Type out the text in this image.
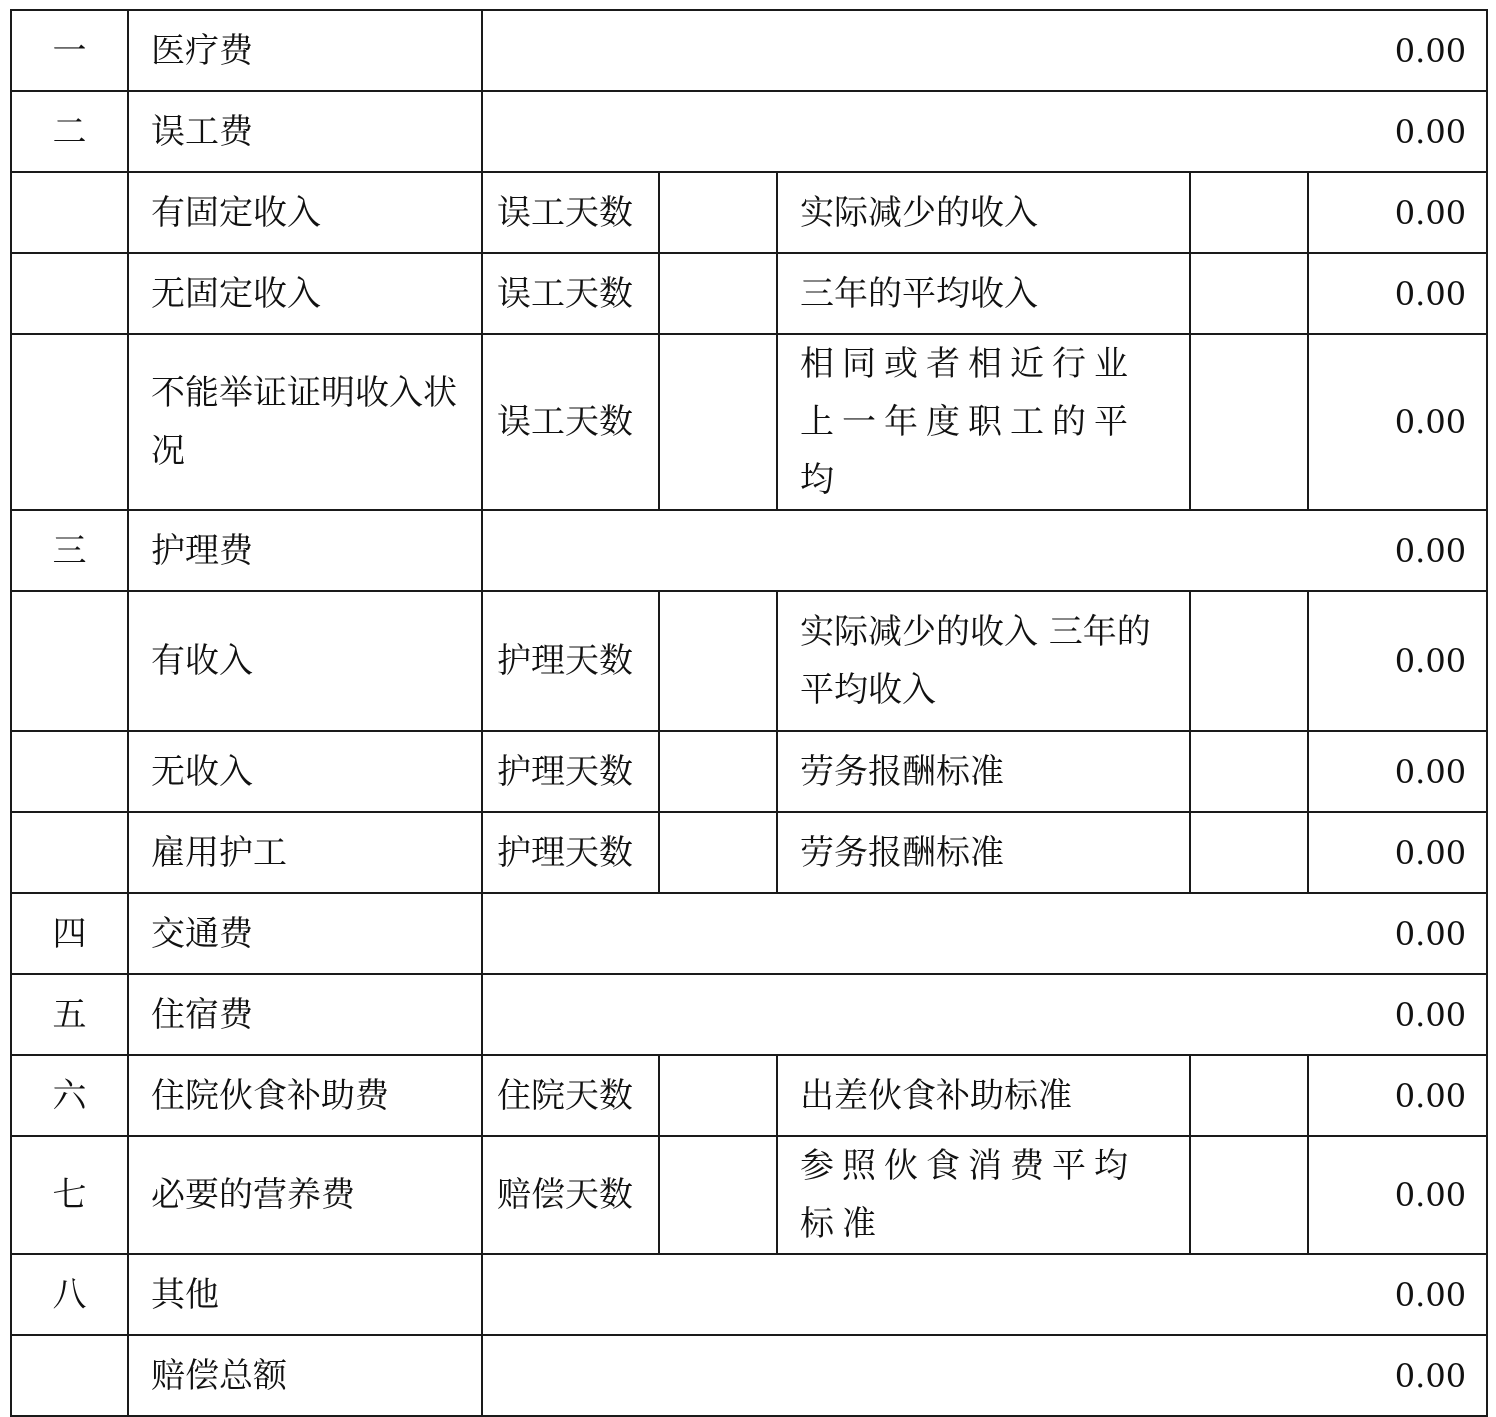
一	医疗费	0.00				
二	误工费	0.00				
	有固定收入	误工天数		实际减少的收入		0.00
	无固定收入	误工天数		三年的平均收入		0.00
	不能举证证明收入状况	误工天数		相同或者相近行业上一年度职工的平均		0.00
三	护理费	0.00				
	有收入	护理天数		实际减少的收入 三年的平均收入		0.00
	无收入	护理天数		劳务报酬标准		0.00
	雇用护工	护理天数		劳务报酬标准		0.00
四	交通费	0.00				
五	住宿费	0.00				
六	住院伙食补助费	住院天数		出差伙食补助标准		0.00
七	必要的营养费	赔偿天数		参照伙食消费平均标准		0.00
八	其他	0.00				
	赔偿总额	0.00				
